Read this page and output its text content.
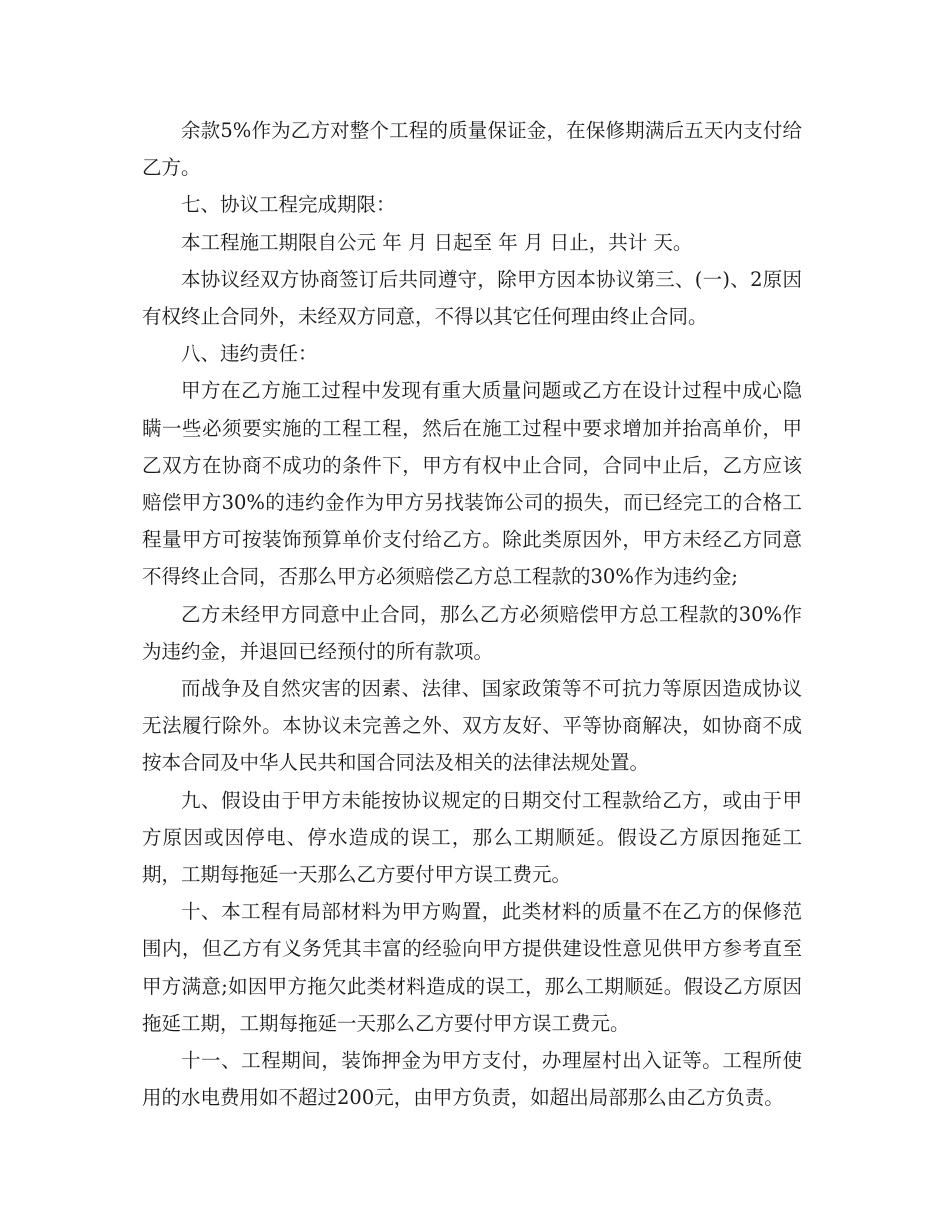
余款5%作为乙方对整个工程的质量保证金，在保修期满后五天内支付给乙方。

七、协议工程完成期限：

本工程施工期限自公元 年 月 日起至 年 月 日止，共计 天。

本协议经双方协商签订后共同遵守，除甲方因本协议第三、(一)、2原因有权终止合同外，未经双方同意，不得以其它任何理由终止合同。

八、违约责任：

甲方在乙方施工过程中发现有重大质量问题或乙方在设计过程中成心隐瞒一些必须要实施的工程工程，然后在施工过程中要求增加并抬高单价，甲乙双方在协商不成功的条件下，甲方有权中止合同，合同中止后，乙方应该赔偿甲方30%的违约金作为甲方另找装饰公司的损失，而已经完工的合格工程量甲方可按装饰预算单价支付给乙方。除此类原因外，甲方未经乙方同意不得终止合同，否那么甲方必须赔偿乙方总工程款的30%作为违约金;

乙方未经甲方同意中止合同，那么乙方必须赔偿甲方总工程款的30%作为违约金，并退回已经预付的所有款项。

而战争及自然灾害的因素、法律、国家政策等不可抗力等原因造成协议无法履行除外。本协议未完善之外、双方友好、平等协商解决，如协商不成按本合同及中华人民共和国合同法及相关的法律法规处置。

九、假设由于甲方未能按协议规定的日期交付工程款给乙方，或由于甲方原因或因停电、停水造成的误工，那么工期顺延。假设乙方原因拖延工期，工期每拖延一天那么乙方要付甲方误工费元。

十、本工程有局部材料为甲方购置，此类材料的质量不在乙方的保修范围内，但乙方有义务凭其丰富的经验向甲方提供建设性意见供甲方参考直至甲方满意;如因甲方拖欠此类材料造成的误工，那么工期顺延。假设乙方原因拖延工期，工期每拖延一天那么乙方要付甲方误工费元。

十一、工程期间，装饰押金为甲方支付，办理屋村出入证等。工程所使用的水电费用如不超过200元，由甲方负责，如超出局部那么由乙方负责。
